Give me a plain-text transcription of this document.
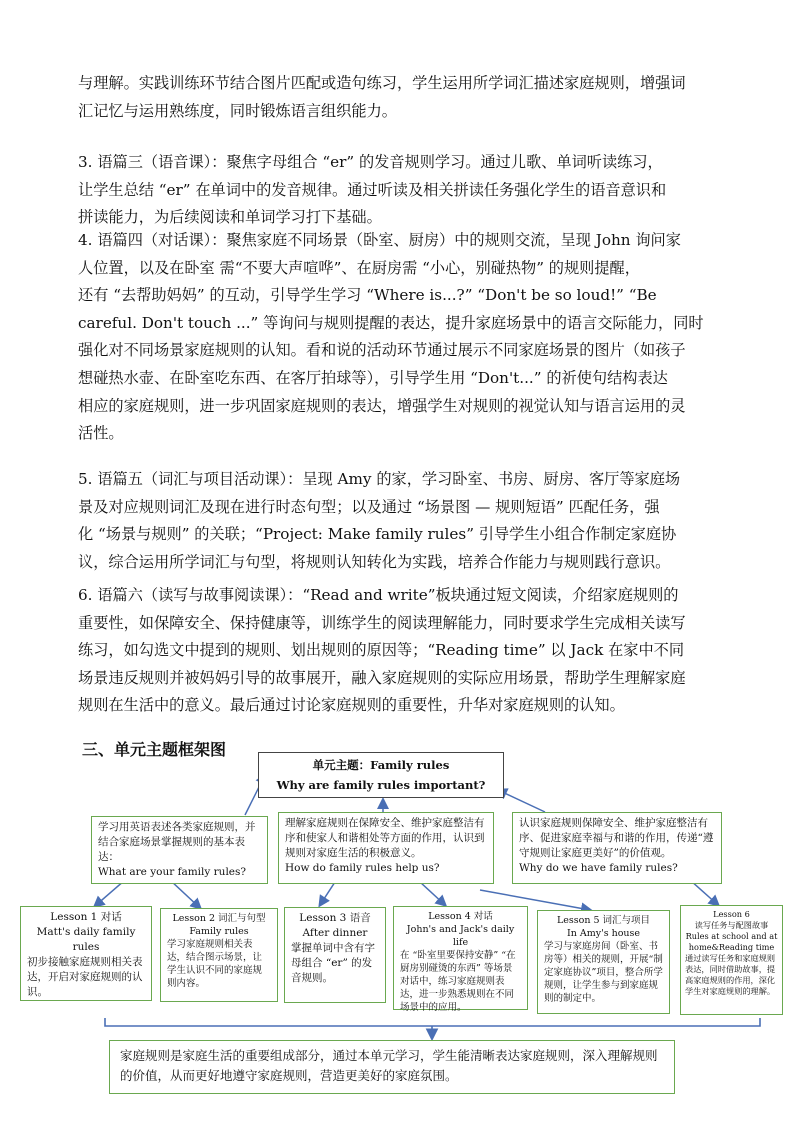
与理解。实践训练环节结合图片匹配或造句练习，学生运用所学词汇描述家庭规则，增强词

汇记忆与运用熟练度，同时锻炼语言组织能力。

3. 语篇三（语音课）：聚焦字母组合 “er” 的发音规则学习。通过儿歌、单词听读练习，

让学生总结 “er” 在单词中的发音规律。通过听读及相关拼读任务强化学生的语音意识和

拼读能力，为后续阅读和单词学习打下基础。

4. 语篇四（对话课）：聚焦家庭不同场景（卧室、厨房）中的规则交流，呈现 John 询问家

人位置，以及在卧室 需“不要大声喧哗”、在厨房需 “小心，别碰热物” 的规则提醒，

还有 “去帮助妈妈” 的互动，引导学生学习 “Where is...?” “Don't be so loud!” “Be

careful. Don't touch ...” 等询问与规则提醒的表达，提升家庭场景中的语言交际能力，同时

强化对不同场景家庭规则的认知。看和说的活动环节通过展示不同家庭场景的图片（如孩子

想碰热水壶、在卧室吃东西、在客厅拍球等），引导学生用 “Don't...” 的祈使句结构表达

相应的家庭规则，进一步巩固家庭规则的表达，增强学生对规则的视觉认知与语言运用的灵

活性。

5. 语篇五（词汇与项目活动课）：呈现 Amy 的家，学习卧室、书房、厨房、客厅等家庭场

景及对应规则词汇及现在进行时态句型；以及通过 “场景图 — 规则短语” 匹配任务，强

化 “场景与规则” 的关联；“Project: Make family rules” 引导学生小组合作制定家庭协

议，综合运用所学词汇与句型，将规则认知转化为实践，培养合作能力与规则践行意识。

6. 语篇六（读写与故事阅读课）：“Read and write”板块通过短文阅读，介绍家庭规则的

重要性，如保障安全、保持健康等，训练学生的阅读理解能力，同时要求学生完成相关读写

练习，如勾选文中提到的规则、划出规则的原因等；“Reading time” 以 Jack 在家中不同

场景违反规则并被妈妈引导的故事展开，融入家庭规则的实际应用场景，帮助学生理解家庭

规则在生活中的意义。最后通过讨论家庭规则的重要性，升华对家庭规则的认知。

三、单元主题框架图
单元主题：Family rules
Why are family rules important?
学习用英语表述各类家庭规则，并结合家庭场景掌握规则的基本表达：
What are your family rules?
理解家庭规则在保障安全、维护家庭整洁有序和使家人和谐相处等方面的作用，认识到规则对家庭生活的积极意义。
How do family rules help us?
认识家庭规则保障安全、维护家庭整洁有序、促进家庭幸福与和谐的作用，传递“遵守规则让家庭更美好”的价值观。
Why do we have family rules?
Lesson 1 对话
Matt's daily family rules
初步接触家庭规则相关表达，开启对家庭规则的认识。
Lesson 2 词汇与句型
Family rules
学习家庭规则相关表达，结合图示场景，让学生认识不同的家庭规则内容。
Lesson 3 语音
After dinner
掌握单词中含有字母组合 “er” 的发音规则。
Lesson 4 对话
John's and Jack's daily life
在 “卧室里要保持安静” “在厨房别碰烫的东西” 等场景对话中，练习家庭规则表达，进一步熟悉规则在不同场景中的应用。
Lesson 5 词汇与项目
In Amy's house
学习与家庭房间（卧室、书房等）相关的规则，开展“制定家庭协议”项目，整合所学规则，让学生参与到家庭规则的制定中。
Lesson 6
读写任务与配图故事
Rules at school and at home&Reading time
通过读写任务和家庭规则表达，同时借助故事，提高家庭规则的作用，深化学生对家庭规则的理解。
家庭规则是家庭生活的重要组成部分，通过本单元学习，学生能清晰表达家庭规则，深入理解规则的价值，从而更好地遵守家庭规则，营造更美好的家庭氛围。
